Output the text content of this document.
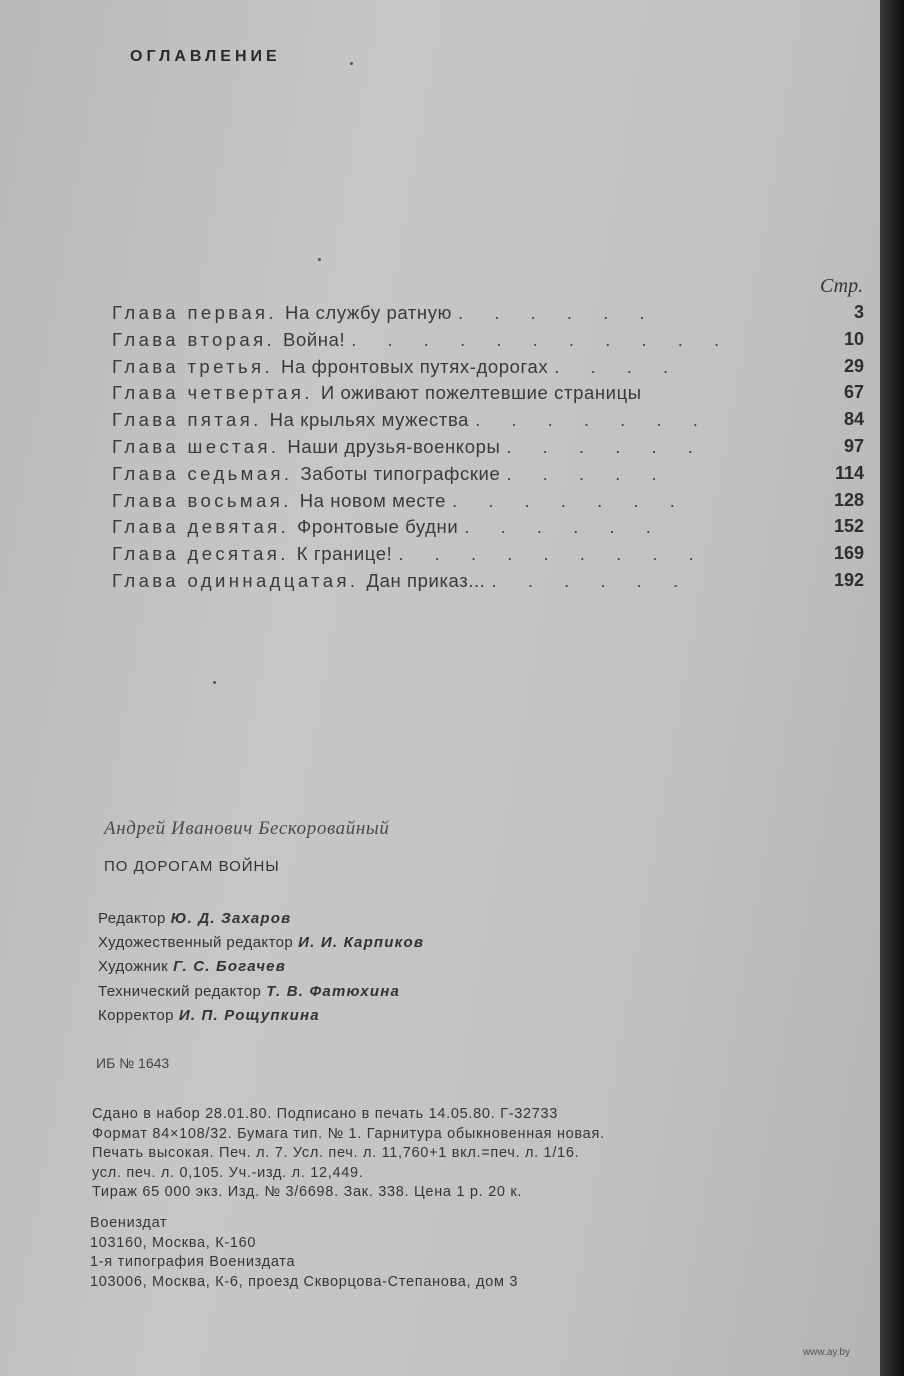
ОГЛАВЛЕНИЕ
Стр.
Глава первая. На службу ратную . . . . . .	3
Глава вторая. Война! . . . . . . . . . . .	10
Глава третья. На фронтовых путях-дорогах . . . .	29
Глава четвертая. И оживают пожелтевшие страницы	67
Глава пятая. На крыльях мужества . . . . . . .	84
Глава шестая. Наши друзья-военкоры . . . . . .	97
Глава седьмая. Заботы типографские . . . . .	114
Глава восьмая. На новом месте . . . . . . .	128
Глава девятая. Фронтовые будни . . . . . .	152
Глава десятая. К границе! . . . . . . . . .	169
Глава одиннадцатая. Дан приказ... . . . . . .	192
Андрей Иванович Бескоровайный
ПО ДОРОГАМ ВОЙНЫ
Редактор Ю. Д. Захаров
Художественный редактор И. И. Карпиков
Художник Г. С. Богачев
Технический редактор Т. В. Фатюхина
Корректор И. П. Рощупкина
ИБ № 1643
Сдано в набор 28.01.80. Подписано в печать 14.05.80. Г-32733
Формат 84×108/32. Бумага тип. № 1. Гарнитура обыкновенная новая.
Печать высокая. Печ. л. 7. Усл. печ. л. 11,760+1 вкл.=печ. л. 1/16.
усл. печ. л. 0,105. Уч.-изд. л. 12,449.
Тираж 65 000 экз. Изд. № 3/6698. Зак. 338. Цена 1 р. 20 к.
Воениздат
103160, Москва, К-160
1-я типография Воениздата
103006, Москва, К-6, проезд Скворцова-Степанова, дом 3
www.ay.by
